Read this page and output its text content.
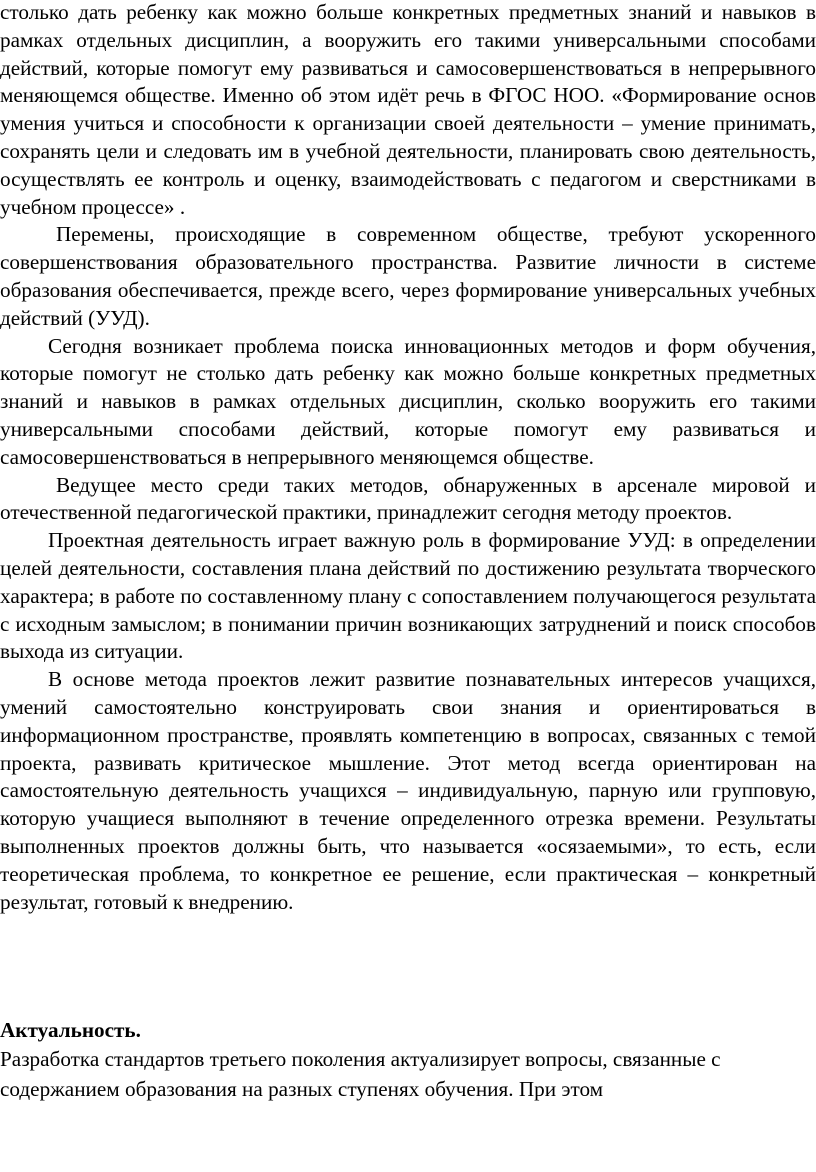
столько дать ребенку как можно больше конкретных предметных знаний и навыков в рамках отдельных дисциплин, а вооружить его такими универсальными способами действий, которые помогут ему развиваться и самосовершенствоваться в непрерывного меняющемся обществе. Именно об этом идёт речь в ФГОС НОО. «Формирование основ умения учиться и способности к организации своей деятельности – умение принимать, сохранять цели и следовать им в учебной деятельности, планировать свою деятельность, осуществлять ее контроль и оценку, взаимодействовать с педагогом и сверстниками в учебном процессе» .

Перемены, происходящие в современном обществе, требуют ускоренного совершенствования образовательного пространства. Развитие личности в системе образования обеспечивается, прежде всего, через формирование универсальных учебных действий (УУД).

Сегодня возникает проблема поиска инновационных методов и форм обучения, которые помогут не столько дать ребенку как можно больше конкретных предметных знаний и навыков в рамках отдельных дисциплин, сколько вооружить его такими универсальными способами действий, которые помогут ему развиваться и самосовершенствоваться в непрерывного меняющемся обществе.

Ведущее место среди таких методов, обнаруженных в арсенале мировой и отечественной педагогической практики, принадлежит сегодня методу проектов.

Проектная деятельность играет важную роль в формирование УУД: в определении целей деятельности, составления плана действий по достижению результата творческого характера; в работе по составленному плану с сопоставлением получающегося результата с исходным замыслом; в понимании причин возникающих затруднений и поиск способов выхода из ситуации.

В основе метода проектов лежит развитие познавательных интересов учащихся, умений самостоятельно конструировать свои знания и ориентироваться в информационном пространстве, проявлять компетенцию в вопросах, связанных с темой проекта, развивать критическое мышление. Этот метод всегда ориентирован на самостоятельную деятельность учащихся – индивидуальную, парную или групповую, которую учащиеся выполняют в течение определенного отрезка времени. Результаты выполненных проектов должны быть, что называется «осязаемыми», то есть, если теоретическая проблема, то конкретное ее решение, если практическая – конкретный результат, готовый к внедрению.

Актуальность.

Разработка стандартов третьего поколения актуализирует вопросы, связанные с содержанием образования на разных ступенях обучения. При этом
